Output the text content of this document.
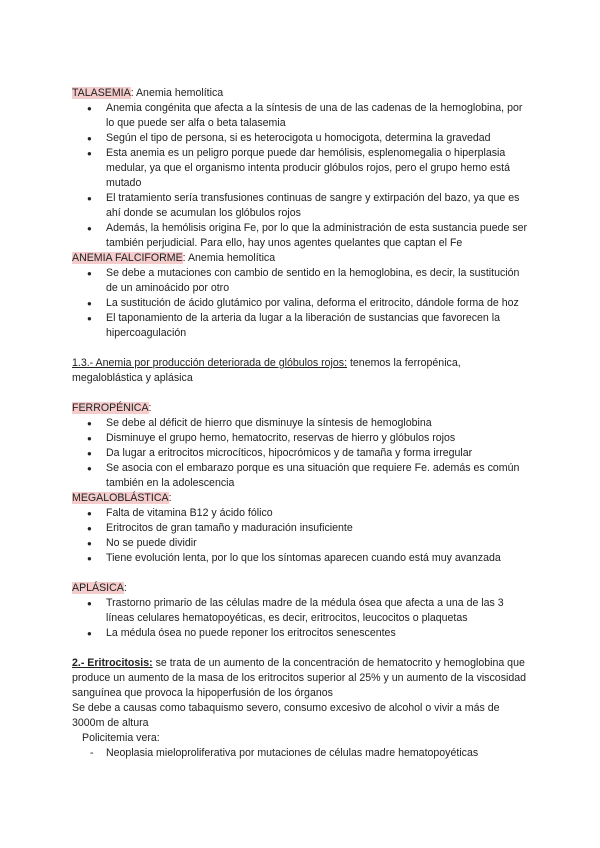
TALASEMIA: Anemia hemolítica

● Anemia congénita que afecta a la síntesis de una de las cadenas de la hemoglobina, por lo que puede ser alfa o beta talasemia
● Según el tipo de persona, si es heterocigota u homocigota, determina la gravedad
● Esta anemia es un peligro porque puede dar hemólisis, esplenomegalia o hiperplasia medular, ya que el organismo intenta producir glóbulos rojos, pero el grupo hemo está mutado
● El tratamiento sería transfusiones continuas de sangre y extirpación del bazo, ya que es ahí donde se acumulan los glóbulos rojos
● Además, la hemólisis origina Fe, por lo que la administración de esta sustancia puede ser también perjudicial. Para ello, hay unos agentes quelantes que captan el Fe

ANEMIA FALCIFORME: Anemia hemolítica

● Se debe a mutaciones con cambio de sentido en la hemoglobina, es decir, la sustitución de un aminoácido por otro
● La sustitución de ácido glutámico por valina, deforma el eritrocito, dándole forma de hoz
● El taponamiento de la arteria da lugar a la liberación de sustancias que favorecen la hipercoagulación

1.3.- Anemia por producción deteriorada de glóbulos rojos: tenemos la ferropénica, megaloblástica y aplásica

FERROPÉNICA:

● Se debe al déficit de hierro que disminuye la síntesis de hemoglobina
● Disminuye el grupo hemo, hematocrito, reservas de hierro y glóbulos rojos
● Da lugar a eritrocitos microcíticos, hipocrómicos y de tamaña y forma irregular
● Se asocia con el embarazo porque es una situación que requiere Fe. además es común también en la adolescencia

MEGALOBLÁSTICA:

● Falta de vitamina B12 y ácido fólico
● Eritrocitos de gran tamaño y maduración insuficiente
● No se puede dividir
● Tiene evolución lenta, por lo que los síntomas aparecen cuando está muy avanzada

APLÁSICA:

● Trastorno primario de las células madre de la médula ósea que afecta a una de las 3 líneas celulares hematopoyéticas, es decir, eritrocitos, leucocitos o plaquetas
● La médula ósea no puede reponer los eritrocitos senescentes

2.- Eritrocitosis: se trata de un aumento de la concentración de hematocrito y hemoglobina que produce un aumento de la masa de los eritrocitos superior al 25% y un aumento de la viscosidad sanguínea que provoca la hipoperfusión de los órganos

Se debe a causas como tabaquismo severo, consumo excesivo de alcohol o vivir a más de 3000m de altura

Policitemia vera:

- Neoplasia mieloproliferativa por mutaciones de células madre hematopoyéticas
